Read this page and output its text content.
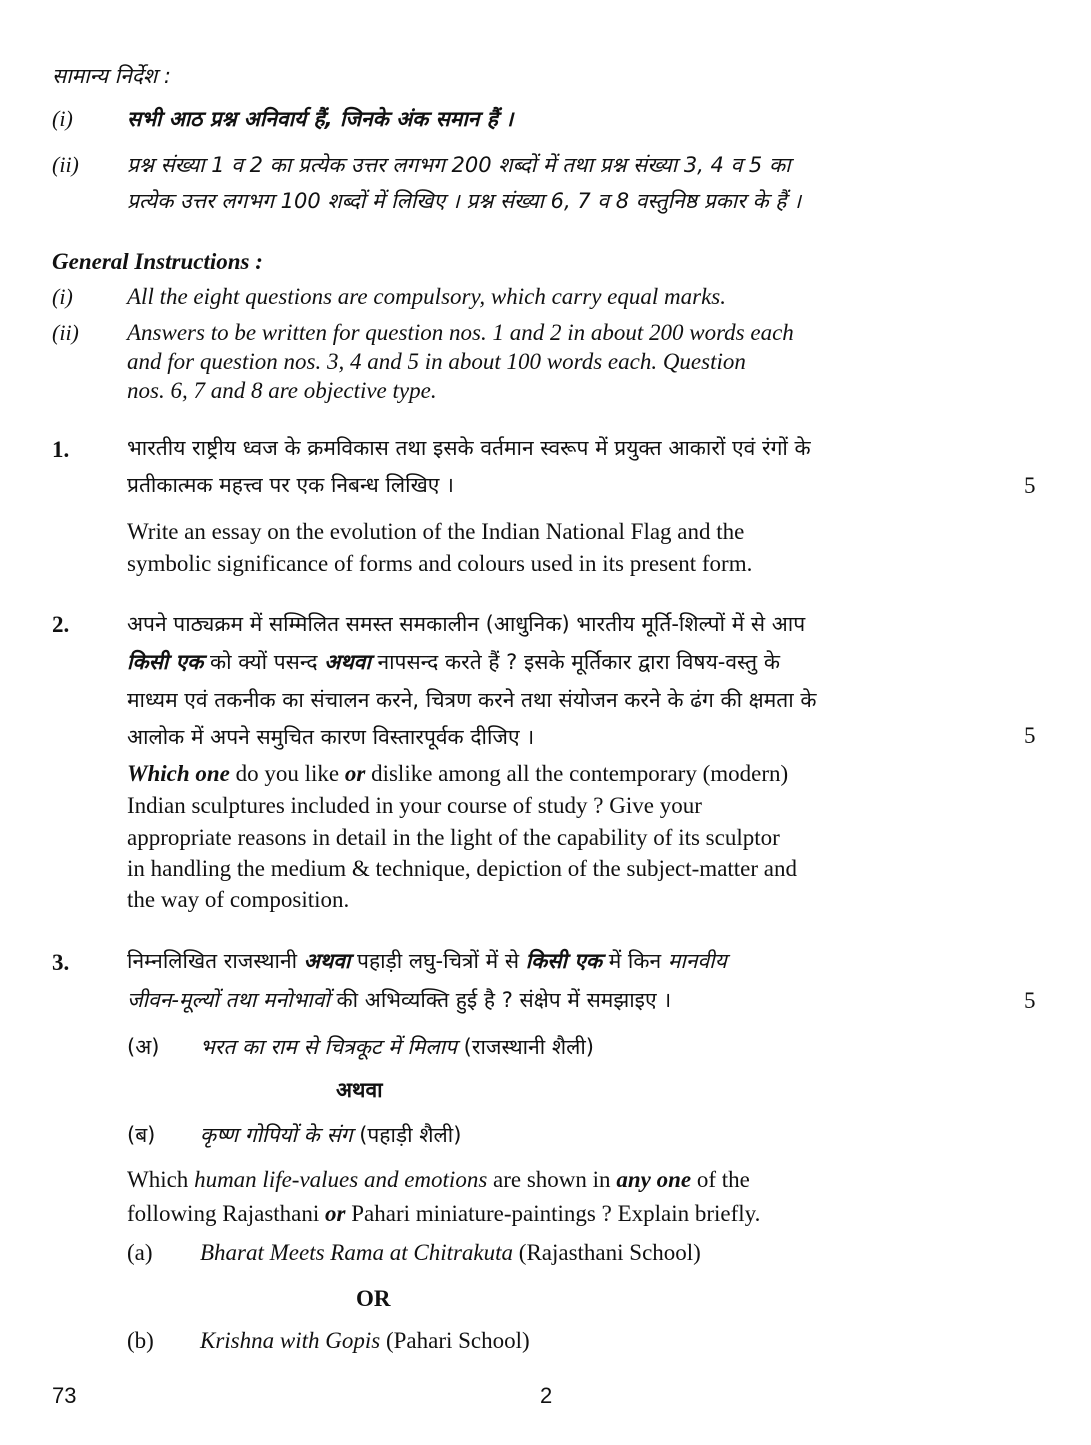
सामान्य निर्देश :
(i)	सभी आठ प्रश्न अनिवार्य हैं, जिनके अंक समान हैं ।
(ii) प्रश्न संख्या 1 व 2 का प्रत्येक उत्तर लगभग 200 शब्दों में तथा प्रश्न संख्या 3, 4 व 5 का
प्रत्येक उत्तर लगभग 100 शब्दों में लिखिए । प्रश्न संख्या 6, 7 व 8 वस्तुनिष्ठ प्रकार के हैं ।
General Instructions :
(i) All the eight questions are compulsory, which carry equal marks.
(ii) Answers to be written for question nos. 1 and 2 in about 200 words each
and for question nos. 3, 4 and 5 in about 100 words each. Question
nos. 6, 7 and 8 are objective type.
1.	भारतीय राष्ट्रीय ध्वज के क्रमविकास तथा इसके वर्तमान स्वरूप में प्रयुक्त आकारों एवं रंगों के
प्रतीकात्मक महत्त्व पर एक निबन्ध लिखिए ।	5
Write an essay on the evolution of the Indian National Flag and the
symbolic significance of forms and colours used in its present form.
2.	अपने पाठ्यक्रम में सम्मिलित समस्त समकालीन (आधुनिक) भारतीय मूर्ति-शिल्पों में से आप
किसी एक को क्यों पसन्द अथवा नापसन्द करते हैं ? इसके मूर्तिकार द्वारा विषय-वस्तु के
माध्यम एवं तकनीक का संचालन करने, चित्रण करने तथा संयोजन करने के ढंग की क्षमता के
आलोक में अपने समुचित कारण विस्तारपूर्वक दीजिए ।	5
Which one do you like or dislike among all the contemporary (modern)
Indian sculptures included in your course of study ? Give your
appropriate reasons in detail in the light of the capability of its sculptor
in handling the medium & technique, depiction of the subject-matter and
the way of composition.
3.	निम्नलिखित राजस्थानी अथवा पहाड़ी लघु-चित्रों में से किसी एक में किन मानवीय
जीवन-मूल्यों तथा मनोभावों की अभिव्यक्ति हुई है ? संक्षेप में समझाइए ।	5
(अ) भरत का राम से चित्रकूट में मिलाप (राजस्थानी शैली)
अथवा
(ब) कृष्ण गोपियों के संग (पहाड़ी शैली)
Which human life-values and emotions are shown in any one of the
following Rajasthani or Pahari miniature-paintings ? Explain briefly.
(a) Bharat Meets Rama at Chitrakuta (Rajasthani School)
OR
(b) Krishna with Gopis (Pahari School)
73	2
